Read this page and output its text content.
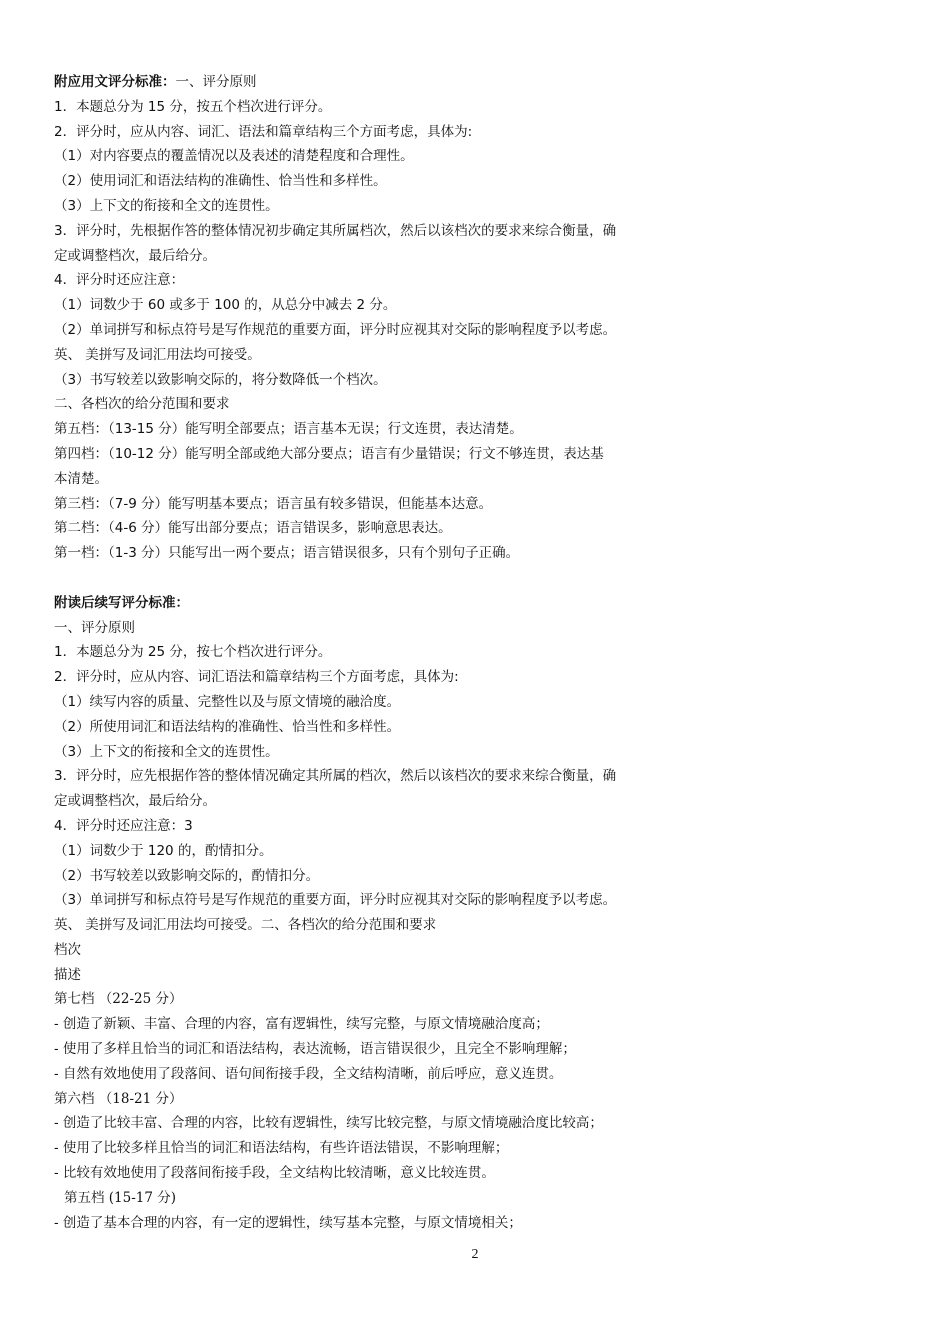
附应用文评分标准：一、评分原则
1．本题总分为 15 分，按五个档次进行评分。
2．评分时，应从内容、词汇、语法和篇章结构三个方面考虑，具体为:
（1）对内容要点的覆盖情况以及表述的清楚程度和合理性。
（2）使用词汇和语法结构的准确性、恰当性和多样性。
（3）上下文的衔接和全文的连贯性。
3．评分时，先根据作答的整体情况初步确定其所属档次，然后以该档次的要求来综合衡量，确
定或调整档次，最后给分。
4．评分时还应注意：
（1）词数少于 60 或多于 100 的，从总分中减去 2 分。
（2）单词拼写和标点符号是写作规范的重要方面，评分时应视其对交际的影响程度予以考虑。
英、 美拼写及词汇用法均可接受。
（3）书写较差以致影响交际的，将分数降低一个档次。
二、各档次的给分范围和要求
第五档：（13-15 分）能写明全部要点；语言基本无误；行文连贯，表达清楚。
第四档：（10-12 分）能写明全部或绝大部分要点；语言有少量错误；行文不够连贯，表达基
本清楚。
第三档：（7-9 分）能写明基本要点；语言虽有较多错误，但能基本达意。
第二档：（4-6 分）能写出部分要点；语言错误多，影响意思表达。
第一档：（1-3 分）只能写出一两个要点；语言错误很多，只有个别句子正确。
附读后续写评分标准：
一、评分原则
1．本题总分为 25 分，按七个档次进行评分。
2．评分时，应从内容、词汇语法和篇章结构三个方面考虑，具体为:
（1）续写内容的质量、完整性以及与原文情境的融洽度。
（2）所使用词汇和语法结构的准确性、恰当性和多样性。
（3）上下文的衔接和全文的连贯性。
3．评分时，应先根据作答的整体情况确定其所属的档次，然后以该档次的要求来综合衡量，确
定或调整档次，最后给分。
4．评分时还应注意：3
（1）词数少于 120 的，酌情扣分。
（2）书写较差以致影响交际的，酌情扣分。
（3）单词拼写和标点符号是写作规范的重要方面，评分时应视其对交际的影响程度予以考虑。
英、 美拼写及词汇用法均可接受。二、各档次的给分范围和要求
档次
描述
第七档 （22-25 分）
- 创造了新颖、丰富、合理的内容，富有逻辑性，续写完整，与原文情境融洽度高；
- 使用了多样且恰当的词汇和语法结构，表达流畅，语言错误很少，且完全不影响理解；
- 自然有效地使用了段落间、语句间衔接手段，全文结构清晰，前后呼应，意义连贯。
第六档 （18-21 分）
- 创造了比较丰富、合理的内容，比较有逻辑性，续写比较完整，与原文情境融洽度比较高；
- 使用了比较多样且恰当的词汇和语法结构，有些许语法错误，不影响理解；
- 比较有效地使用了段落间衔接手段，全文结构比较清晰，意义比较连贯。
第五档 (15-17 分)
- 创造了基本合理的内容，有一定的逻辑性，续写基本完整，与原文情境相关；
2
